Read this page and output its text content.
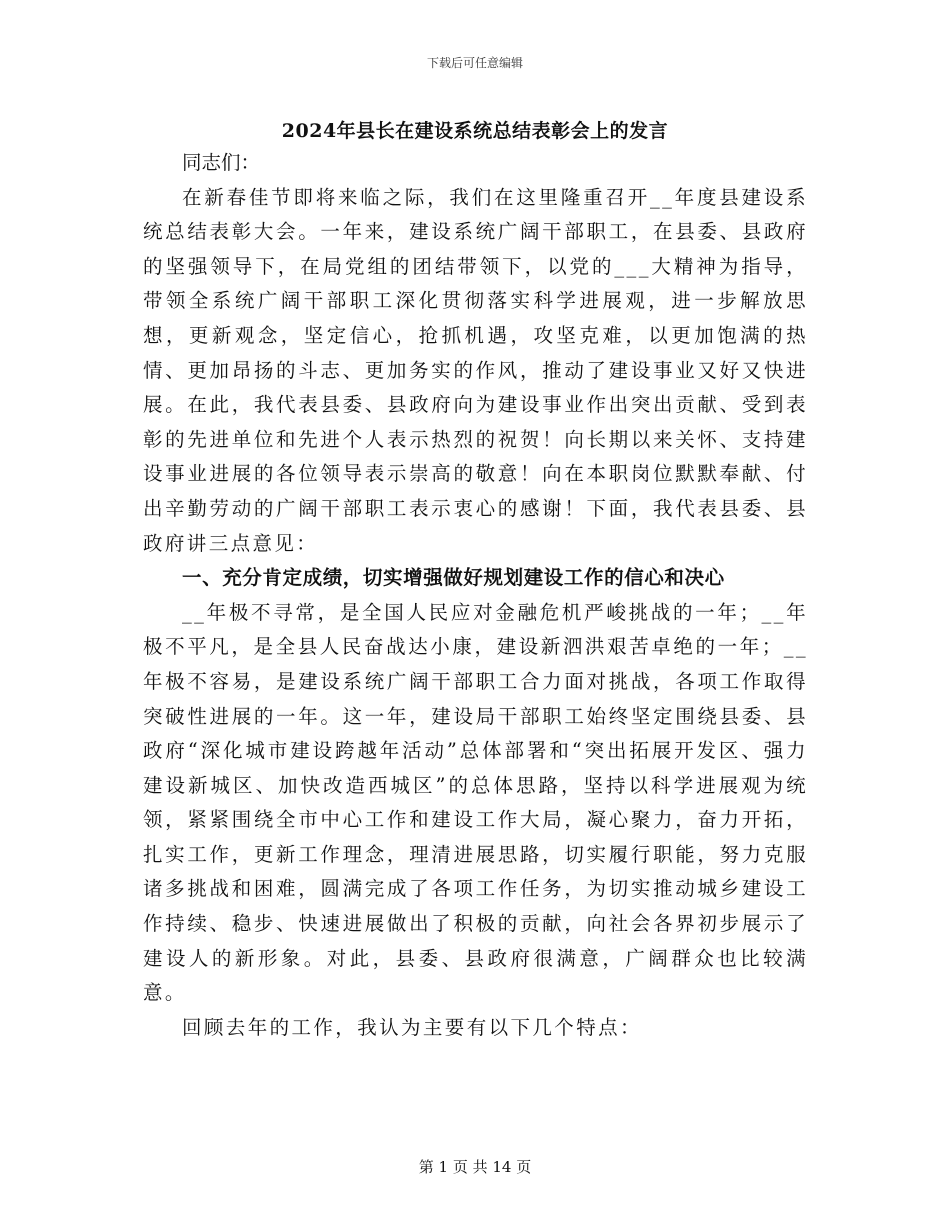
下载后可任意编辑
2024年县长在建设系统总结表彰会上的发言

同志们：

在新春佳节即将来临之际，我们在这里隆重召开__年度县建设系统总结表彰大会。一年来，建设系统广阔干部职工，在县委、县政府的坚强领导下，在局党组的团结带领下，以党的___大精神为指导，带领全系统广阔干部职工深化贯彻落实科学进展观，进一步解放思想，更新观念，坚定信心，抢抓机遇，攻坚克难，以更加饱满的热情、更加昂扬的斗志、更加务实的作风，推动了建设事业又好又快进展。在此，我代表县委、县政府向为建设事业作出突出贡献、受到表彰的先进单位和先进个人表示热烈的祝贺！向长期以来关怀、支持建设事业进展的各位领导表示崇高的敬意！向在本职岗位默默奉献、付出辛勤劳动的广阔干部职工表示衷心的感谢！下面，我代表县委、县政府讲三点意见：

一、充分肯定成绩，切实增强做好规划建设工作的信心和决心

__年极不寻常，是全国人民应对金融危机严峻挑战的一年；__年极不平凡，是全县人民奋战达小康，建设新泗洪艰苦卓绝的一年；__年极不容易，是建设系统广阔干部职工合力面对挑战，各项工作取得突破性进展的一年。这一年，建设局干部职工始终坚定围绕县委、县政府“深化城市建设跨越年活动”总体部署和“突出拓展开发区、强力建设新城区、加快改造西城区”的总体思路，坚持以科学进展观为统领，紧紧围绕全市中心工作和建设工作大局，凝心聚力，奋力开拓，扎实工作，更新工作理念，理清进展思路，切实履行职能，努力克服诸多挑战和困难，圆满完成了各项工作任务，为切实推动城乡建设工作持续、稳步、快速进展做出了积极的贡献，向社会各界初步展示了建设人的新形象。对此，县委、县政府很满意，广阔群众也比较满意。

回顾去年的工作，我认为主要有以下几个特点：

第 1 页 共 14 页
